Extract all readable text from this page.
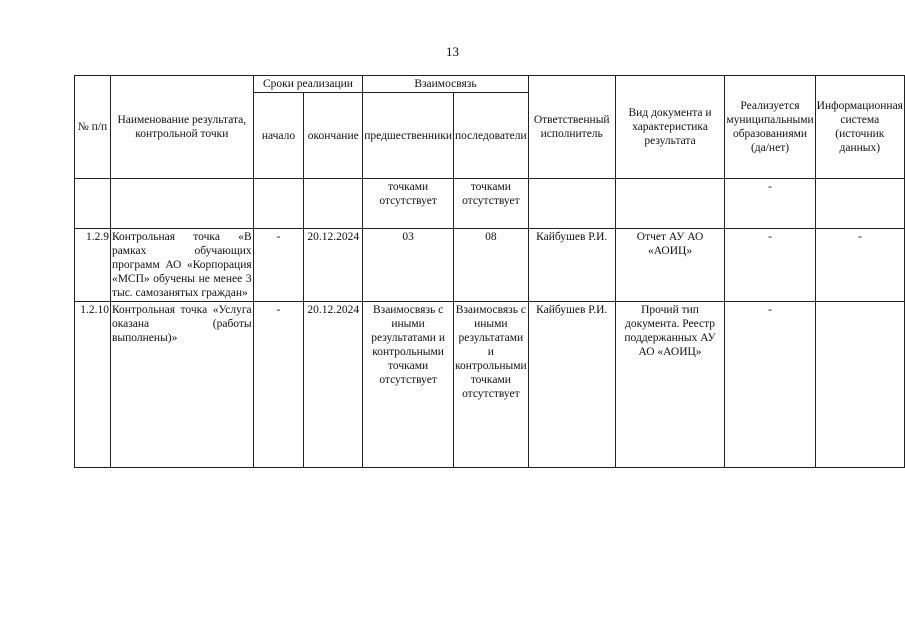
13
№ п/п	Наименование результата, контрольной точки	Сроки реализации		Взаимосвязь		Ответственный исполнитель	Вид документа и характеристика результата	Реализуется муниципальными образованиями (да/нет)	Информационная система (источник данных)
		начало	окончание	предшественники	последователи				
				точками отсутствует	точками отсутствует			-	
1.2.9	Контрольная точка «В рамках обучающих программ АО «Корпорация «МСП» обучены не менее 3 тыс. самозанятых граждан»	-	20.12.2024	03	08	Кайбушев Р.И.	Отчет АУ АО «АОИЦ»	-	-
1.2.10	Контрольная точка «Услуга оказана (работы выполнены)»	-	20.12.2024	Взаимосвязь с иными результатами и контрольными точками отсутствует	Взаимосвязь с иными результатами и контрольными точками отсутствует	Кайбушев Р.И.	Прочий тип документа. Реестр поддержанных АУ АО «АОИЦ»	-	
